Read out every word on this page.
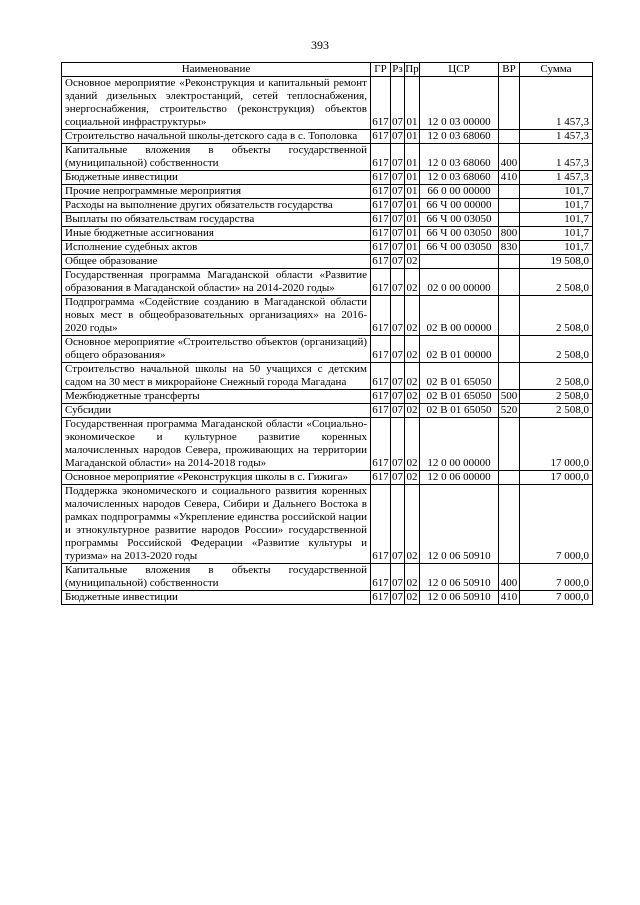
393
Наименование	ГР	Рз	Пр	ЦСР	ВР	Сумма

Основное мероприятие «Реконструкция и капитальный ремонт зданий дизельных электростанций, сетей теплоснабжения, энергоснабжения, строительство (реконструкция) объектов социальной инфраструктуры»	617	07	01	12 0 03 00000		1 457,3

Строительство начальной школы-детского сада в с. Тополовка	617	07	01	12 0 03 68060		1 457,3

Капитальные вложения в объекты государственной (муниципальной) собственности	617	07	01	12 0 03 68060	400	1 457,3

Бюджетные инвестиции	617	07	01	12 0 03 68060	410	1 457,3

Прочие непрограммные мероприятия	617	07	01	66 0 00 00000		101,7

Расходы на выполнение других обязательств государства	617	07	01	66 Ч 00 00000		101,7

Выплаты по обязательствам государства	617	07	01	66 Ч 00 03050		101,7

Иные бюджетные ассигнования	617	07	01	66 Ч 00 03050	800	101,7

Исполнение судебных актов	617	07	01	66 Ч 00 03050	830	101,7

Общее образование	617	07	02			19 508,0

Государственная программа Магаданской области «Развитие образования в Магаданской области» на 2014-2020 годы»	617	07	02	02 0 00 00000		2 508,0

Подпрограмма «Содействие созданию в Магаданской области новых мест в общеобразовательных организациях» на 2016-2020 годы»	617	07	02	02 В 00 00000		2 508,0

Основное мероприятие «Строительство объектов (организаций) общего образования»	617	07	02	02 В 01 00000		2 508,0

Строительство начальной школы на 50 учащихся с детским садом на 30 мест в микрорайоне Снежный города Магадана	617	07	02	02 В 01 65050		2 508,0

Межбюджетные трансферты	617	07	02	02 В 01 65050	500	2 508,0

Субсидии	617	07	02	02 В 01 65050	520	2 508,0

Государственная программа Магаданской области «Социально-экономическое и культурное развитие коренных малочисленных народов Севера, проживающих на территории Магаданской области» на 2014-2018 годы»	617	07	02	12 0 00 00000		17 000,0

Основное мероприятие «Реконструкция школы в с. Гижига»	617	07	02	12 0 06 00000		17 000,0

Поддержка экономического и социального развития коренных малочисленных народов Севера, Сибири и Дальнего Востока в рамках подпрограммы «Укрепление единства российской нации и этнокультурное развитие народов России» государственной программы Российской Федерации «Развитие культуры и туризма» на 2013-2020 годы	617	07	02	12 0 06 50910		7 000,0

Капитальные вложения в объекты государственной (муниципальной) собственности	617	07	02	12 0 06 50910	400	7 000,0

Бюджетные инвестиции	617	07	02	12 0 06 50910	410	7 000,0
